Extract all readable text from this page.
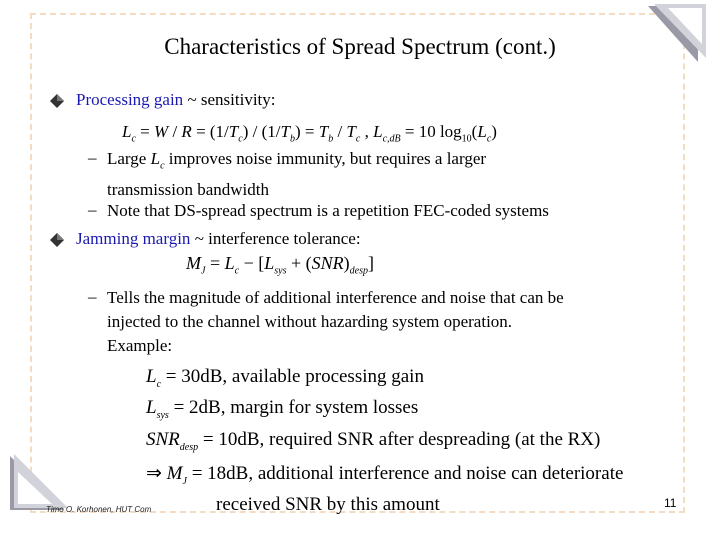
Characteristics of Spread Spectrum (cont.)
Processing gain ~ sensitivity:
$L_c = W / R = (1/T_c) / (1/T_b) = T_b / T_c$ , $L_{c,dB} = 10$ $\log_{10}(L_c)$
– Large $L_c$ improves noise immunity, but requires a larger
transmission bandwidth
– Note that DS-spread spectrum is a repetition FEC-coded systems
Jamming margin ~ interference tolerance:
$M_J = L_c - [L_{sys} + (SNR)_{desp}]$
– Tells the magnitude of additional interference and noise that can be
injected to the channel without hazarding system operation.
Example:
$L_c = 30dB$, available processing gain
$L_{sys} = 2dB$, margin for system losses
$SNR_{desp} = 10dB$, required SNR after despreading (at the RX)
⇒ $M_J = 18dB$, additional interference and noise can deteriorate
received SNR by this amount
Timo O. Korhonen, HUT Com	11
